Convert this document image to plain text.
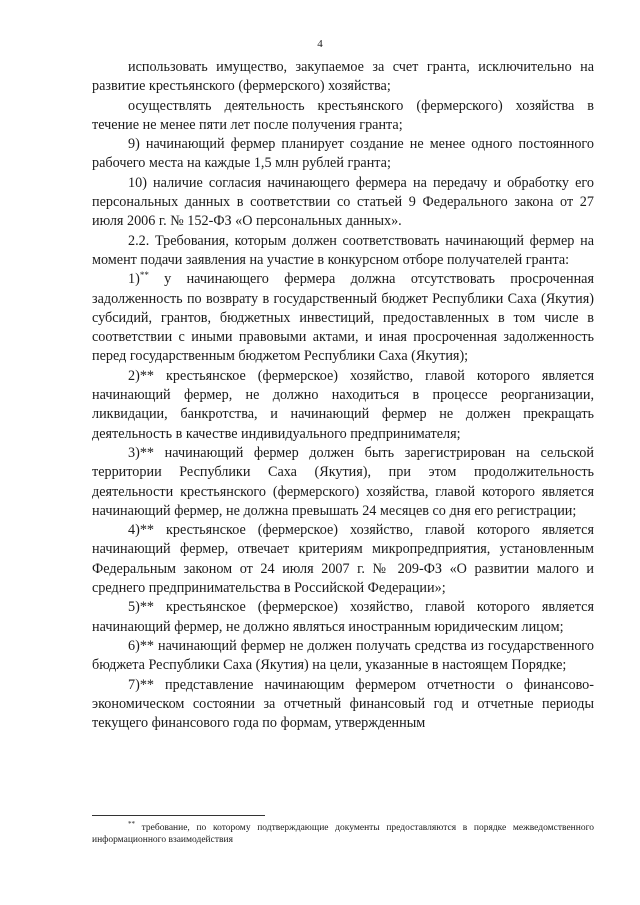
4

использовать имущество, закупаемое за счет гранта, исключительно на развитие крестьянского (фермерского) хозяйства;

осуществлять деятельность крестьянского (фермерского) хозяйства в течение не менее пяти лет после получения гранта;

9) начинающий фермер планирует создание не менее одного постоянного рабочего места на каждые 1,5 млн рублей гранта;

10) наличие согласия начинающего фермера на передачу и обработку его персональных данных в соответствии со статьей 9 Федерального закона от 27 июля 2006 г. № 152-ФЗ «О персональных данных».

2.2. Требования, которым должен соответствовать начинающий фермер на момент подачи заявления на участие в конкурсном отборе получателей гранта:

1)** у начинающего фермера должна отсутствовать просроченная задолженность по возврату в государственный бюджет Республики Саха (Якутия) субсидий, грантов, бюджетных инвестиций, предоставленных в том числе в соответствии с иными правовыми актами, и иная просроченная задолженность перед государственным бюджетом Республики Саха (Якутия);

2)** крестьянское (фермерское) хозяйство, главой которого является начинающий фермер, не должно находиться в процессе реорганизации, ликвидации, банкротства, и начинающий фермер не должен прекращать деятельность в качестве индивидуального предпринимателя;

3)** начинающий фермер должен быть зарегистрирован на сельской территории Республики Саха (Якутия), при этом продолжительность деятельности крестьянского (фермерского) хозяйства, главой которого является начинающий фермер, не должна превышать 24 месяцев со дня его регистрации;

4)** крестьянское (фермерское) хозяйство, главой которого является начинающий фермер, отвечает критериям микропредприятия, установленным Федеральным законом от 24 июля 2007 г. № 209-ФЗ «О развитии малого и среднего предпринимательства в Российской Федерации»;

5)** крестьянское (фермерское) хозяйство, главой которого является начинающий фермер, не должно являться иностранным юридическим лицом;

6)** начинающий фермер не должен получать средства из государственного бюджета Республики Саха (Якутия) на цели, указанные в настоящем Порядке;

7)** представление начинающим фермером отчетности о финансово-экономическом состоянии за отчетный финансовый год и отчетные периоды текущего финансового года по формам, утвержденным

** требование, по которому подтверждающие документы предоставляются в порядке межведомственного информационного взаимодействия
